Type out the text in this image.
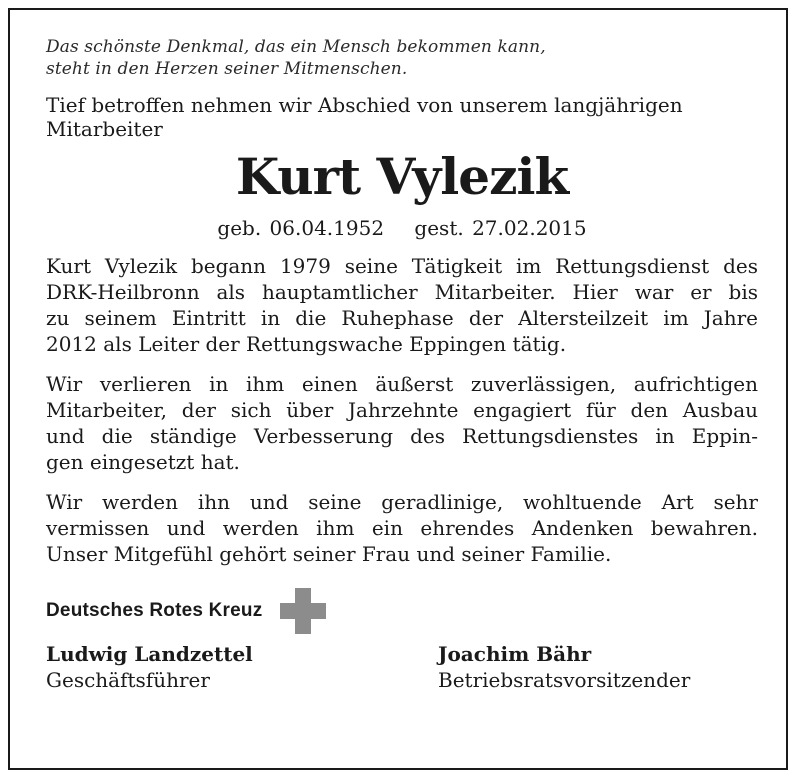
Das schönste Denkmal, das ein Mensch bekommen kann,
steht in den Herzen seiner Mitmenschen.
Tief betroffen nehmen wir Abschied von unserem langjährigen
Mitarbeiter
Kurt Vylezik
geb. 06.04.1952 gest. 27.02.2015
Kurt Vylezik begann 1979 seine Tätigkeit im Rettungsdienst des
DRK-Heilbronn als hauptamtlicher Mitarbeiter. Hier war er bis
zu seinem Eintritt in die Ruhephase der Altersteilzeit im Jahre
2012 als Leiter der Rettungswache Eppingen tätig.
Wir verlieren in ihm einen äußerst zuverlässigen, aufrichtigen
Mitarbeiter, der sich über Jahrzehnte engagiert für den Ausbau
und die ständige Verbesserung des Rettungsdienstes in Eppin-
gen eingesetzt hat.
Wir werden ihn und seine geradlinige, wohltuende Art sehr
vermissen und werden ihm ein ehrendes Andenken bewahren.
Unser Mitgefühl gehört seiner Frau und seiner Familie.
Deutsches Rotes Kreuz
Ludwig Landzettel
Geschäftsführer
Joachim Bähr
Betriebsratsvorsitzender
